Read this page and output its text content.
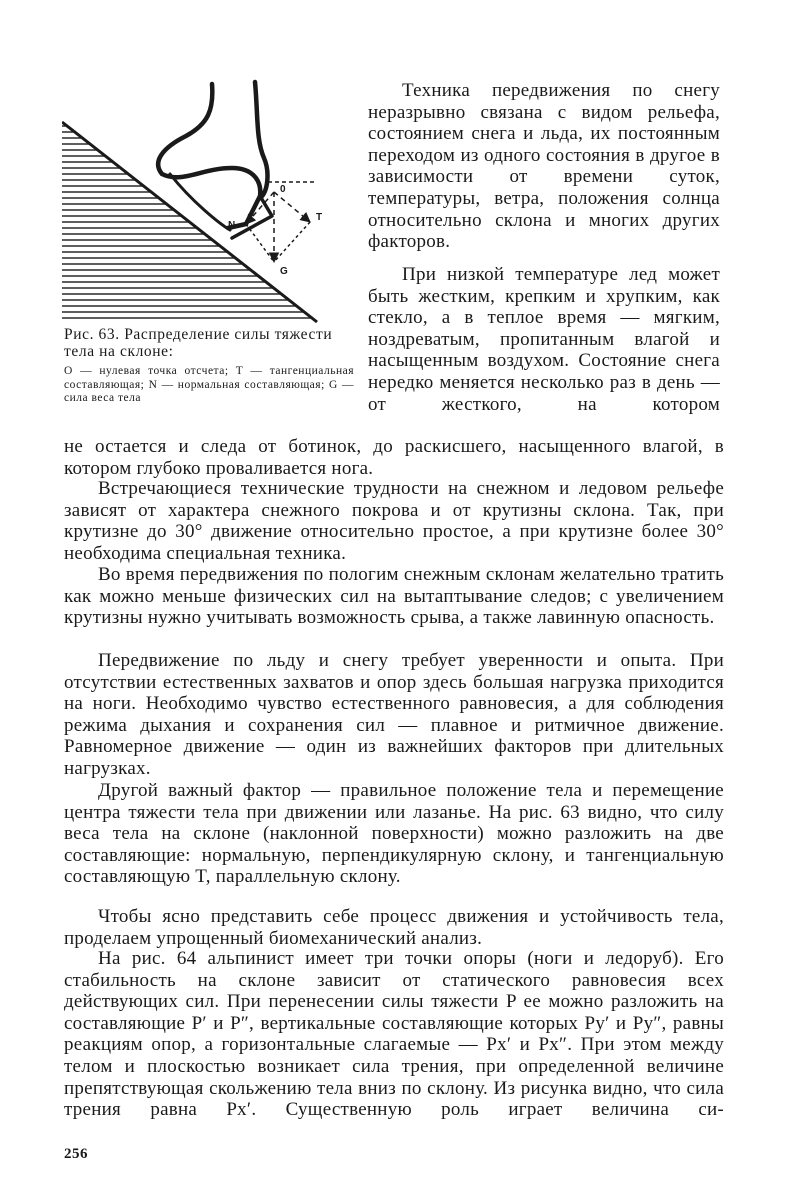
0
N
T
G
Рис. 63. Распределение силы тяжести тела на склоне:
О — нулевая точка отсчета; T — тангенциальная составляющая; N — нормальная составляющая; G — сила веса тела

Техника передвижения по снегу неразрывно связана с видом рельефа, состоянием снега и льда, их постоянным переходом из одного состояния в другое в зависимости от времени суток, температуры, ветра, положения солнца относительно склона и многих других факторов.

При низкой температуре лед может быть жестким, крепким и хрупким, как стекло, а в теплое время — мягким, ноздреватым, пропитанным влагой и насыщенным воздухом. Состояние снега нередко меняется несколько раз в день — от жесткого, на котором

не остается и следа от ботинок, до раскисшего, насыщенного влагой, в котором глубоко проваливается нога.

Встречающиеся технические трудности на снежном и ледовом рельефе зависят от характера снежного покрова и от крутизны склона. Так, при крутизне до 30° движение относительно простое, а при крутизне более 30° необходима специальная техника.

Во время передвижения по пологим снежным склонам желательно тратить как можно меньше физических сил на вытаптывание следов; с увеличением крутизны нужно учитывать возможность срыва, а также лавинную опасность.

Передвижение по льду и снегу требует уверенности и опыта. При отсутствии естественных захватов и опор здесь большая нагрузка приходится на ноги. Необходимо чувство естественного равновесия, а для соблюдения режима дыхания и сохранения сил — плавное и ритмичное движение. Равномерное движение — один из важнейших факторов при длительных нагрузках.

Другой важный фактор — правильное положение тела и перемещение центра тяжести тела при движении или лазанье. На рис. 63 видно, что силу веса тела на склоне (наклонной поверхности) можно разложить на две составляющие: нормальную, перпендикулярную склону, и тангенциальную составляющую T, параллельную склону.

Чтобы ясно представить себе процесс движения и устойчивость тела, проделаем упрощенный биомеханический анализ.

На рис. 64 альпинист имеет три точки опоры (ноги и ледоруб). Его стабильность на склоне зависит от статического равновесия всех действующих сил. При перенесении силы тяжести P ее можно разложить на составляющие P′ и P″, вертикальные составляющие которых Py′ и Py″, равны реакциям опор, а горизонтальные слагаемые — Px′ и Px″. При этом между телом и плоскостью возникает сила трения, при определенной величине препятствующая скольжению тела вниз по склону. Из рисунка видно, что сила трения равна Px′. Существенную роль играет величина си-

256
